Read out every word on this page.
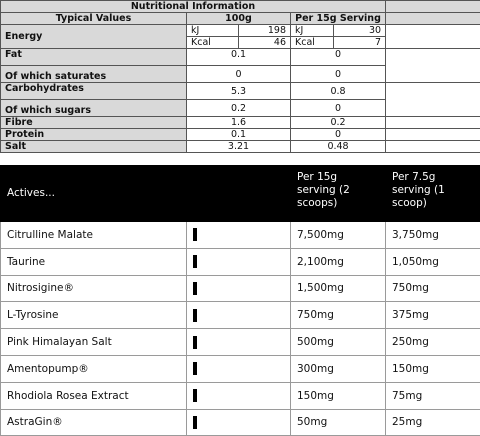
Nutritional Information					
Typical Values	100g		Per 15g Serving		
Energy	kJ	198	kJ	30	
	Kcal	46	Kcal	7	
Fat	0.1		0		
Of which saturates	0		0		
Carbohydrates	5.3		0.8		
Of which sugars	0.2		0		
Fibre	1.6		0.2		
Protein	0.1		0		
Salt	3.21		0.48		
Actives...		Per 15g serving (2 scoops)	Per 7.5g serving (1 scoop)
Citrulline Malate		7,500mg	3,750mg
Taurine		2,100mg	1,050mg
Nitrosigine®		1,500mg	750mg
L-Tyrosine		750mg	375mg
Pink Himalayan Salt		500mg	250mg
Amentopump®		300mg	150mg
Rhodiola Rosea Extract		150mg	75mg
AstraGin®		50mg	25mg
